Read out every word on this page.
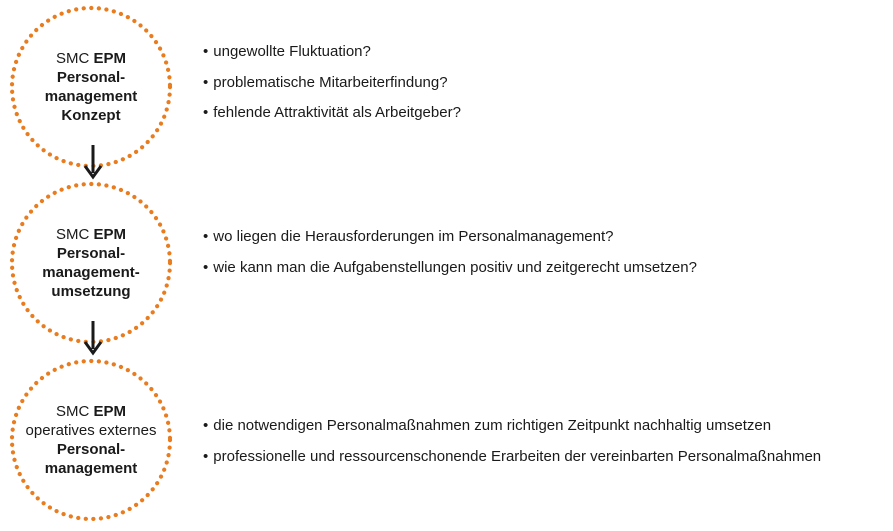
SMC EPM
Personal-
management
Konzept
• ungewollte Fluktuation?
• problematische Mitarbeiterfindung?
• fehlende Attraktivität als Arbeitgeber?
SMC EPM
Personal-
management-
umsetzung
• wo liegen die Herausforderungen im Personalmanagement?
• wie kann man die Aufgabenstellungen positiv und zeitgerecht umsetzen?
SMC EPM
operatives externes
Personal-
management
• die notwendigen Personalmaßnahmen zum richtigen Zeitpunkt nachhaltig umsetzen
• professionelle und ressourcenschonende Erarbeiten der vereinbarten Personalmaßnahmen
